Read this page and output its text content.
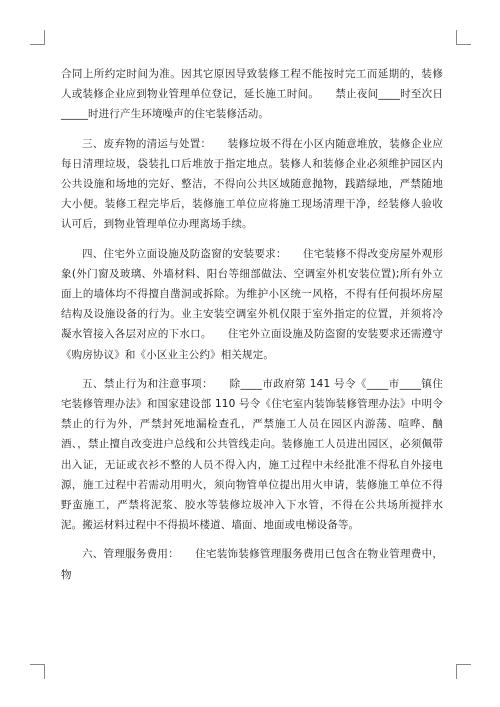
合同上所约定时间为准。因其它原因导致装修工程不能按时完工而延期的，装修人或装修企业应到物业管理单位登记，延长施工时间。　　禁止夜间____时至次日_____时进行产生环境噪声的住宅装修活动。

三、废弃物的清运与处置：　　装修垃圾不得在小区内随意堆放，装修企业应每日清理垃圾，袋装扎口后堆放于指定地点。装修人和装修企业必须维护园区内公共设施和场地的完好、整洁，不得向公共区域随意抛物，践踏绿地，严禁随地大小便。装修工程完毕后，装修施工单位应将施工现场清理干净，经装修人验收认可后，到物业管理单位办理离场手续。

四、住宅外立面设施及防盗窗的安装要求：　　住宅装修不得改变房屋外观形象(外门窗及玻璃、外墙材料、阳台等细部做法、空调室外机安装位置);所有外立面上的墙体均不得擅自凿洞或拆除。为维护小区统一风格，不得有任何损坏房屋结构及设施设备的行为。业主安装空调室外机仅限于室外指定的位置，并须将冷凝水管接入各层对应的下水口。　　住宅外立面设施及防盗窗的安装要求还需遵守《购房协议》和《小区业主公约》相关规定。

五、禁止行为和注意事项：　　除____市政府第 141 号令《____市____镇住宅装修管理办法》和国家建设部 110 号令《住宅室内装饰装修管理办法》中明令禁止的行为外，严禁封死地漏检查孔，严禁施工人员在园区内游荡、喧哗、酗酒、，禁止擅自改变进户总线和公共管线走向。装修施工人员进出园区，必须佩带出入证，无证或衣衫不整的人员不得入内，施工过程中未经批准不得私自外接电源，施工过程中若需动用明火，须向物管单位提出用火申请，装修施工单位不得野蛮施工，严禁将泥浆、胶水等装修垃圾冲入下水管，不得在公共场所搅拌水泥。搬运材料过程中不得损坏楼道、墙面、地面或电梯设备等。

六、管理服务费用：　　住宅装饰装修管理服务费用已包含在物业管理费中，物
